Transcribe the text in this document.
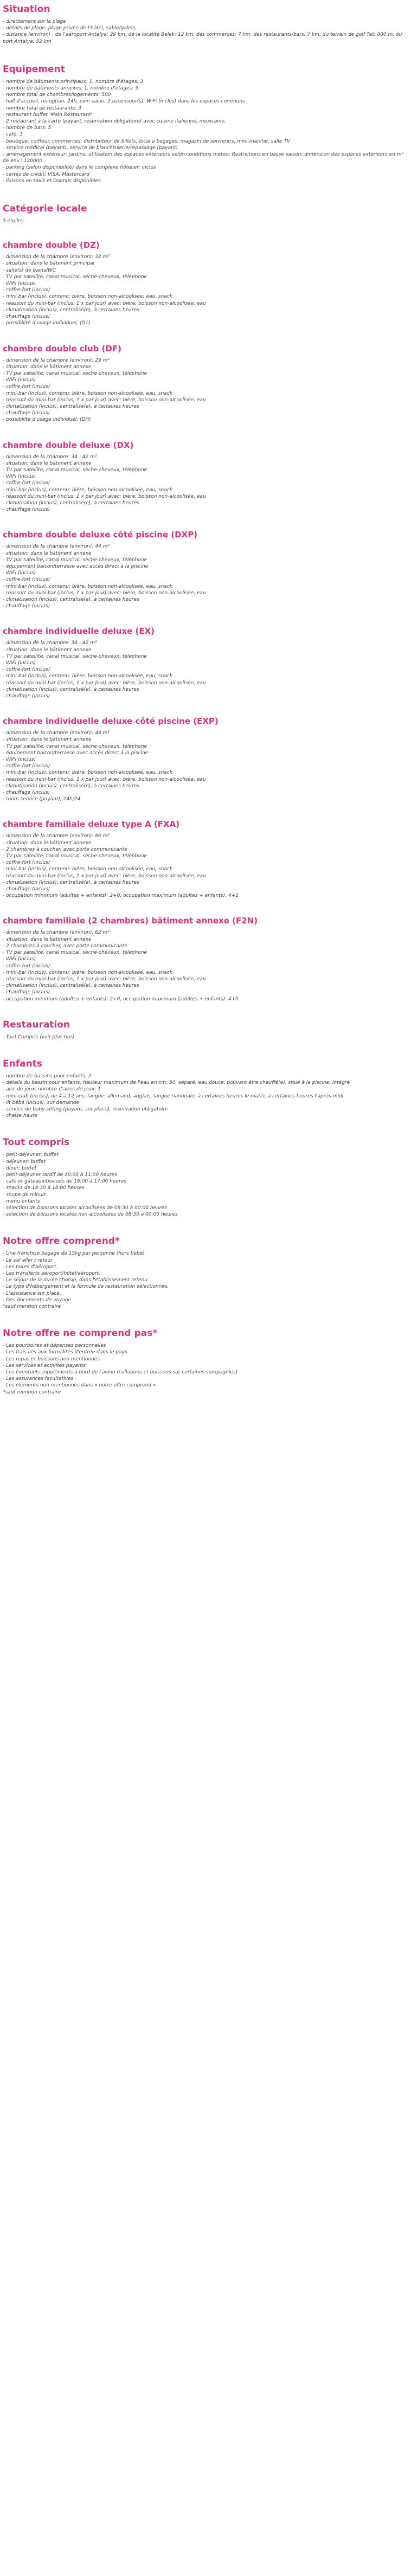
Situation
- directement sur la plage
- détails de plage: plage privée de l'hôtel, sable/galets
- distance (environ) : de l'aéroport Antalya: 29 km, de la localité Belek: 12 km, des commerces: 7 km, des restaurants/bars: 7 km, du terrain de golf Tat: 800 m, du port Antalya: 52 km
Equipement
- nombre de bâtiments principaux: 1, nombre d'étages: 3
- nombre de bâtiments annexes: 1, nombre d'étages: 5
- nombre total de chambres/logements: 500
- hall d'accueil, réception, 24h, coin salon, 2 ascenseur(s), WiFi (inclus) dans les espaces communs
- nombre total de restaurants: 3
- restaurant buffet 'Main Restaurant'
- 2 restaurant à la carte (payant, réservation obligatoire) avec cuisine italienne, mexicaine,
- nombre de bars: 5
- café: 1
- boutique, coiffeur, commerces, distributeur de billets, local à bagages, magasin de souvenirs, mini-marché, salle TV
- service médical (payant), service de blanchisserie/repassage (payant)
- aménagement extérieur: jardins; utilisation des espaces extérieurs selon conditions météo; Restrictions en basse saison; dimension des espaces extérieurs en m² de env.: 120000
- parking (selon disponibilité) dans le complexe hôtelier: inclus
- cartes de crédit: VISA, Mastercard
- liaisons en taxis et Dolmus disponibles.
Catégorie locale
5 étoiles
chambre double (DZ)
- dimension de la chambre (environ): 32 m²
- situation: dans le bâtiment principal
- salle(s) de bains/WC
- TV par satellite, canal musical, sèche-cheveux, téléphone
- WiFi (inclus)
- coffre-fort (inclus)
- mini-bar (inclus), contenu: bière, boisson non-alcoolisée, eau, snack
- réassort du mini-bar (inclus, 1 x par jour) avec: bière, boisson non-alcoolisée, eau
- climatisation (inclus), centralisé(e), à certaines heures
- chauffage (inclus)
- possibilité d'usage individuel, (D1)
chambre double club (DF)
- dimension de la chambre (environ): 29 m²
- situation: dans le bâtiment annexe
- TV par satellite, canal musical, sèche-cheveux, téléphone
- WiFi (inclus)
- coffre-fort (inclus)
- mini-bar (inclus), contenu: bière, boisson non-alcoolisée, eau, snack
- réassort du mini-bar (inclus, 1 x par jour) avec: bière, boisson non-alcoolisée, eau
- climatisation (inclus), centralisé(e), à certaines heures
- chauffage (inclus)
- possibilité d'usage individuel, (DH)
chambre double deluxe (DX)
- dimension de la chambre: 34 - 42 m²
- situation: dans le bâtiment annexe
- TV par satellite, canal musical, sèche-cheveux, téléphone
- WiFi (inclus)
- coffre-fort (inclus)
- mini-bar (inclus), contenu: bière, boisson non-alcoolisée, eau, snack
- réassort du mini-bar (inclus, 1 x par jour) avec: bière, boisson non-alcoolisée, eau
- climatisation (inclus), centralisé(e), à certaines heures
- chauffage (inclus)
chambre double deluxe côté piscine (DXP)
- dimension de la chambre (environ): 44 m²
- situation: dans le bâtiment annexe
- TV par satellite, canal musical, sèche-cheveux, téléphone
- équipement balcon/terrasse avec accès direct à la piscine
- WiFi (inclus)
- coffre-fort (inclus)
- mini-bar (inclus), contenu: bière, boisson non-alcoolisée, eau, snack
- réassort du mini-bar (inclus, 1 x par jour) avec: bière, boisson non-alcoolisée, eau
- climatisation (inclus), centralisé(e), à certaines heures
- chauffage (inclus)
chambre individuelle deluxe (EX)
- dimension de la chambre: 34 - 42 m²
- situation: dans le bâtiment annexe
- TV par satellite, canal musical, sèche-cheveux, téléphone
- WiFi (inclus)
- coffre-fort (inclus)
- mini-bar (inclus), contenu: bière, boisson non-alcoolisée, eau, snack
- réassort du mini-bar (inclus, 1 x par jour) avec: bière, boisson non-alcoolisée, eau
- climatisation (inclus), centralisé(e), à certaines heures
- chauffage (inclus)
chambre individuelle deluxe côté piscine (EXP)
- dimension de la chambre (environ): 44 m²
- situation: dans le bâtiment annexe
- TV par satellite, canal musical, sèche-cheveux, téléphone
- équipement balcon/terrasse avec accès direct à la piscine
- WiFi (inclus)
- coffre-fort (inclus)
- mini-bar (inclus), contenu: bière, boisson non-alcoolisée, eau, snack
- réassort du mini-bar (inclus, 1 x par jour) avec: bière, boisson non-alcoolisée, eau
- climatisation (inclus), centralisé(e), à certaines heures
- chauffage (inclus)
- room service (payant), 24h/24
chambre familiale deluxe type A (FXA)
- dimension de la chambre (environ): 80 m²
- situation: dans le bâtiment annexe
- 2 chambres à coucher, avec porte communicante
- TV par satellite, canal musical, sèche-cheveux, téléphone
- coffre-fort (inclus)
- mini-bar (inclus), contenu: bière, boisson non-alcoolisée, eau, snack
- réassort du mini-bar (inclus, 1 x par jour) avec: bière, boisson non-alcoolisée, eau
- climatisation (inclus), centralisé(e), à certaines heures
- chauffage (inclus)
- occupation minimum (adultes + enfants): 2+0, occupation maximum (adultes + enfants): 4+1
chambre familiale (2 chambres) bâtiment annexe (F2N)
- dimension de la chambre (environ): 62 m²
- situation: dans le bâtiment annexe
- 2 chambres à coucher, avec porte communicante
- TV par satellite, canal musical, sèche-cheveux, téléphone
- WiFi (inclus)
- coffre-fort (inclus)
- mini-bar (inclus), contenu: bière, boisson non-alcoolisée, eau, snack
- réassort du mini-bar (inclus, 1 x par jour) avec: bière, boisson non-alcoolisée, eau
- climatisation (inclus), centralisé(e), à certaines heures
- chauffage (inclus)
- occupation minimum (adultes + enfants): 2+0, occupation maximum (adultes + enfants): 4+0
Restauration
- Tout Compris (voir plus bas)
Enfants
- nombre de bassins pour enfants: 2
- détails du bassin pour enfants: hauteur maximum de l'eau en cm: 50, séparé, eau douce, pouvant être chauffé(e), situé à la piscine, intégré
- aire de jeux: nombre d'aires de jeux: 1
- mini-club (inclus), de 4 à 12 ans, langue: allemand, anglais, langue nationale, à certaines heures le matin, à certaines heures l'après-midi
- lit bébé (inclus), sur demande
- service de baby-sitting (payant, sur place), réservation obligatoire
- chaise haute
Tout compris
- petit-déjeuner: buffet
- déjeuner: buffet
- dîner: buffet
- petit-déjeuner tardif de 10:00 à 11:00 heures
- café et gâteaux/biscuits de 16:00 à 17:00 heures
- snacks de 14:30 à 16:00 heures
- soupe de minuit
- menu enfants
- sélection de boissons locales alcoolisées de 08:30 à 00:00 heures
- sélection de boissons locales non-alcoolisées de 08:30 à 00:00 heures
Notre offre comprend*
- Une franchise bagage de 15kg par personne (hors bébé)
- Le vol aller / retour
- Les taxes d'aéroport.
- Les transferts aéroport/hôtel/aéroport.
- Le séjour de la durée choisie, dans l'établissement retenu.
- Le type d'hébergement et la formule de restauration sélectionnés.
- L'assistance sur place.
- Des documents de voyage.
*sauf mention contraire
Notre offre ne comprend pas*
- Les pourboires et dépenses personnelles
- Les frais liés aux formalités d'entrée dans le pays
- Les repas et boissons non mentionnés
- Les services et activités payants
- Les éventuels suppléments à bord de l'avion (collations et boissons sur certaines compagnies)
- Les assurances facultatives
- Les éléments non mentionnés dans « notre offre comprend »
*sauf mention contraire
